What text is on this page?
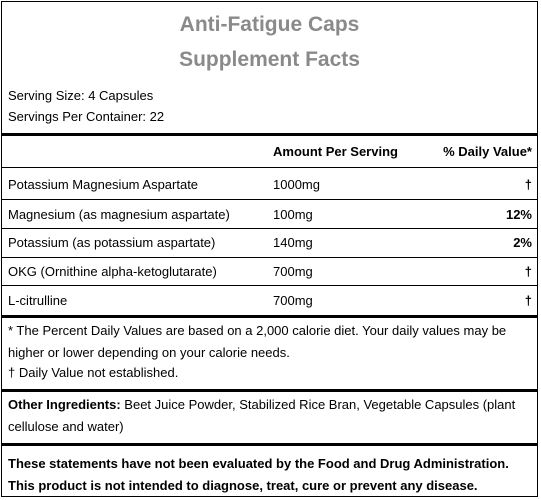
Anti-Fatigue Caps
Supplement Facts
Serving Size: 4 Capsules
Servings Per Container: 22
Amount Per Serving	% Daily Value*
Potassium Magnesium Aspartate	1000mg	†
Magnesium (as magnesium aspartate)	100mg	12%
Potassium (as potassium aspartate)	140mg	2%
OKG (Ornithine alpha-ketoglutarate)	700mg	†
L-citrulline	700mg	†
* The Percent Daily Values are based on a 2,000 calorie diet. Your daily values may be higher or lower depending on your calorie needs.
† Daily Value not established.
Other Ingredients: Beet Juice Powder, Stabilized Rice Bran, Vegetable Capsules (plant cellulose and water)
These statements have not been evaluated by the Food and Drug Administration. This product is not intended to diagnose, treat, cure or prevent any disease.
